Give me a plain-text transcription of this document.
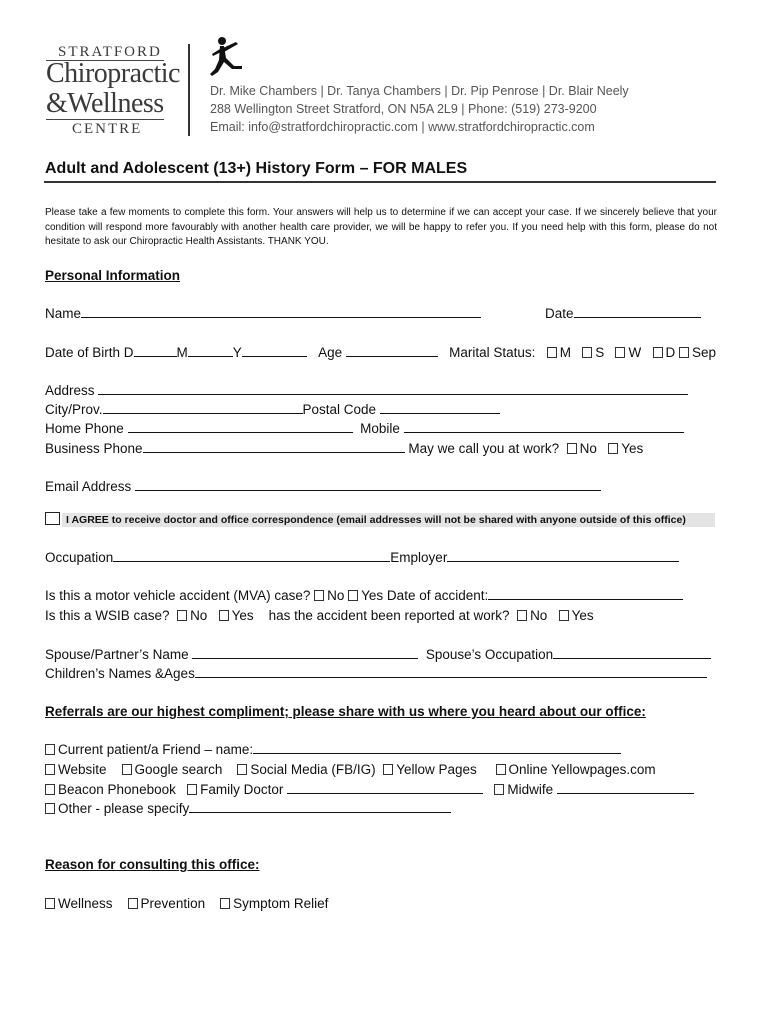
STRATFORD
Chiropractic
&Wellness
CENTRE
Dr. Mike Chambers | Dr. Tanya Chambers | Dr. Pip Penrose | Dr. Blair Neely
288 Wellington Street Stratford, ON N5A 2L9 | Phone: (519) 273-9200
Email: info@stratfordchiropractic.com | www.stratfordchiropractic.com
Adult and Adolescent (13+) History Form – FOR MALES
Please take a few moments to complete this form. Your answers will help us to determine if we can accept your case. If we sincerely believe that your condition will respond more favourably with another health care provider, we will be happy to refer you. If you need help with this form, please do not hesitate to ask our Chiropractic Health Assistants. THANK YOU.
Personal Information
Name	Date
Date of Birth D	M	Y	Age	Marital Status: M S W D Sep
Address
City/Prov.	Postal Code
Home Phone	Mobile
Business Phone	May we call you at work? No Yes
Email Address
I AGREE to receive doctor and office correspondence (email addresses will not be shared with anyone outside of this office)
Occupation	Employer
Is this a motor vehicle accident (MVA) case? No Yes Date of accident:
Is this a WSIB case? No Yes has the accident been reported at work? No Yes
Spouse/Partner’s Name	Spouse’s Occupation
Children’s Names &Ages
Referrals are our highest compliment; please share with us where you heard about our office:
Current patient/a Friend – name:
Website Google search Social Media (FB/IG) Yellow Pages Online Yellowpages.com
Beacon Phonebook Family Doctor	Midwife
Other - please specify
Reason for consulting this office:
Wellness Prevention Symptom Relief
